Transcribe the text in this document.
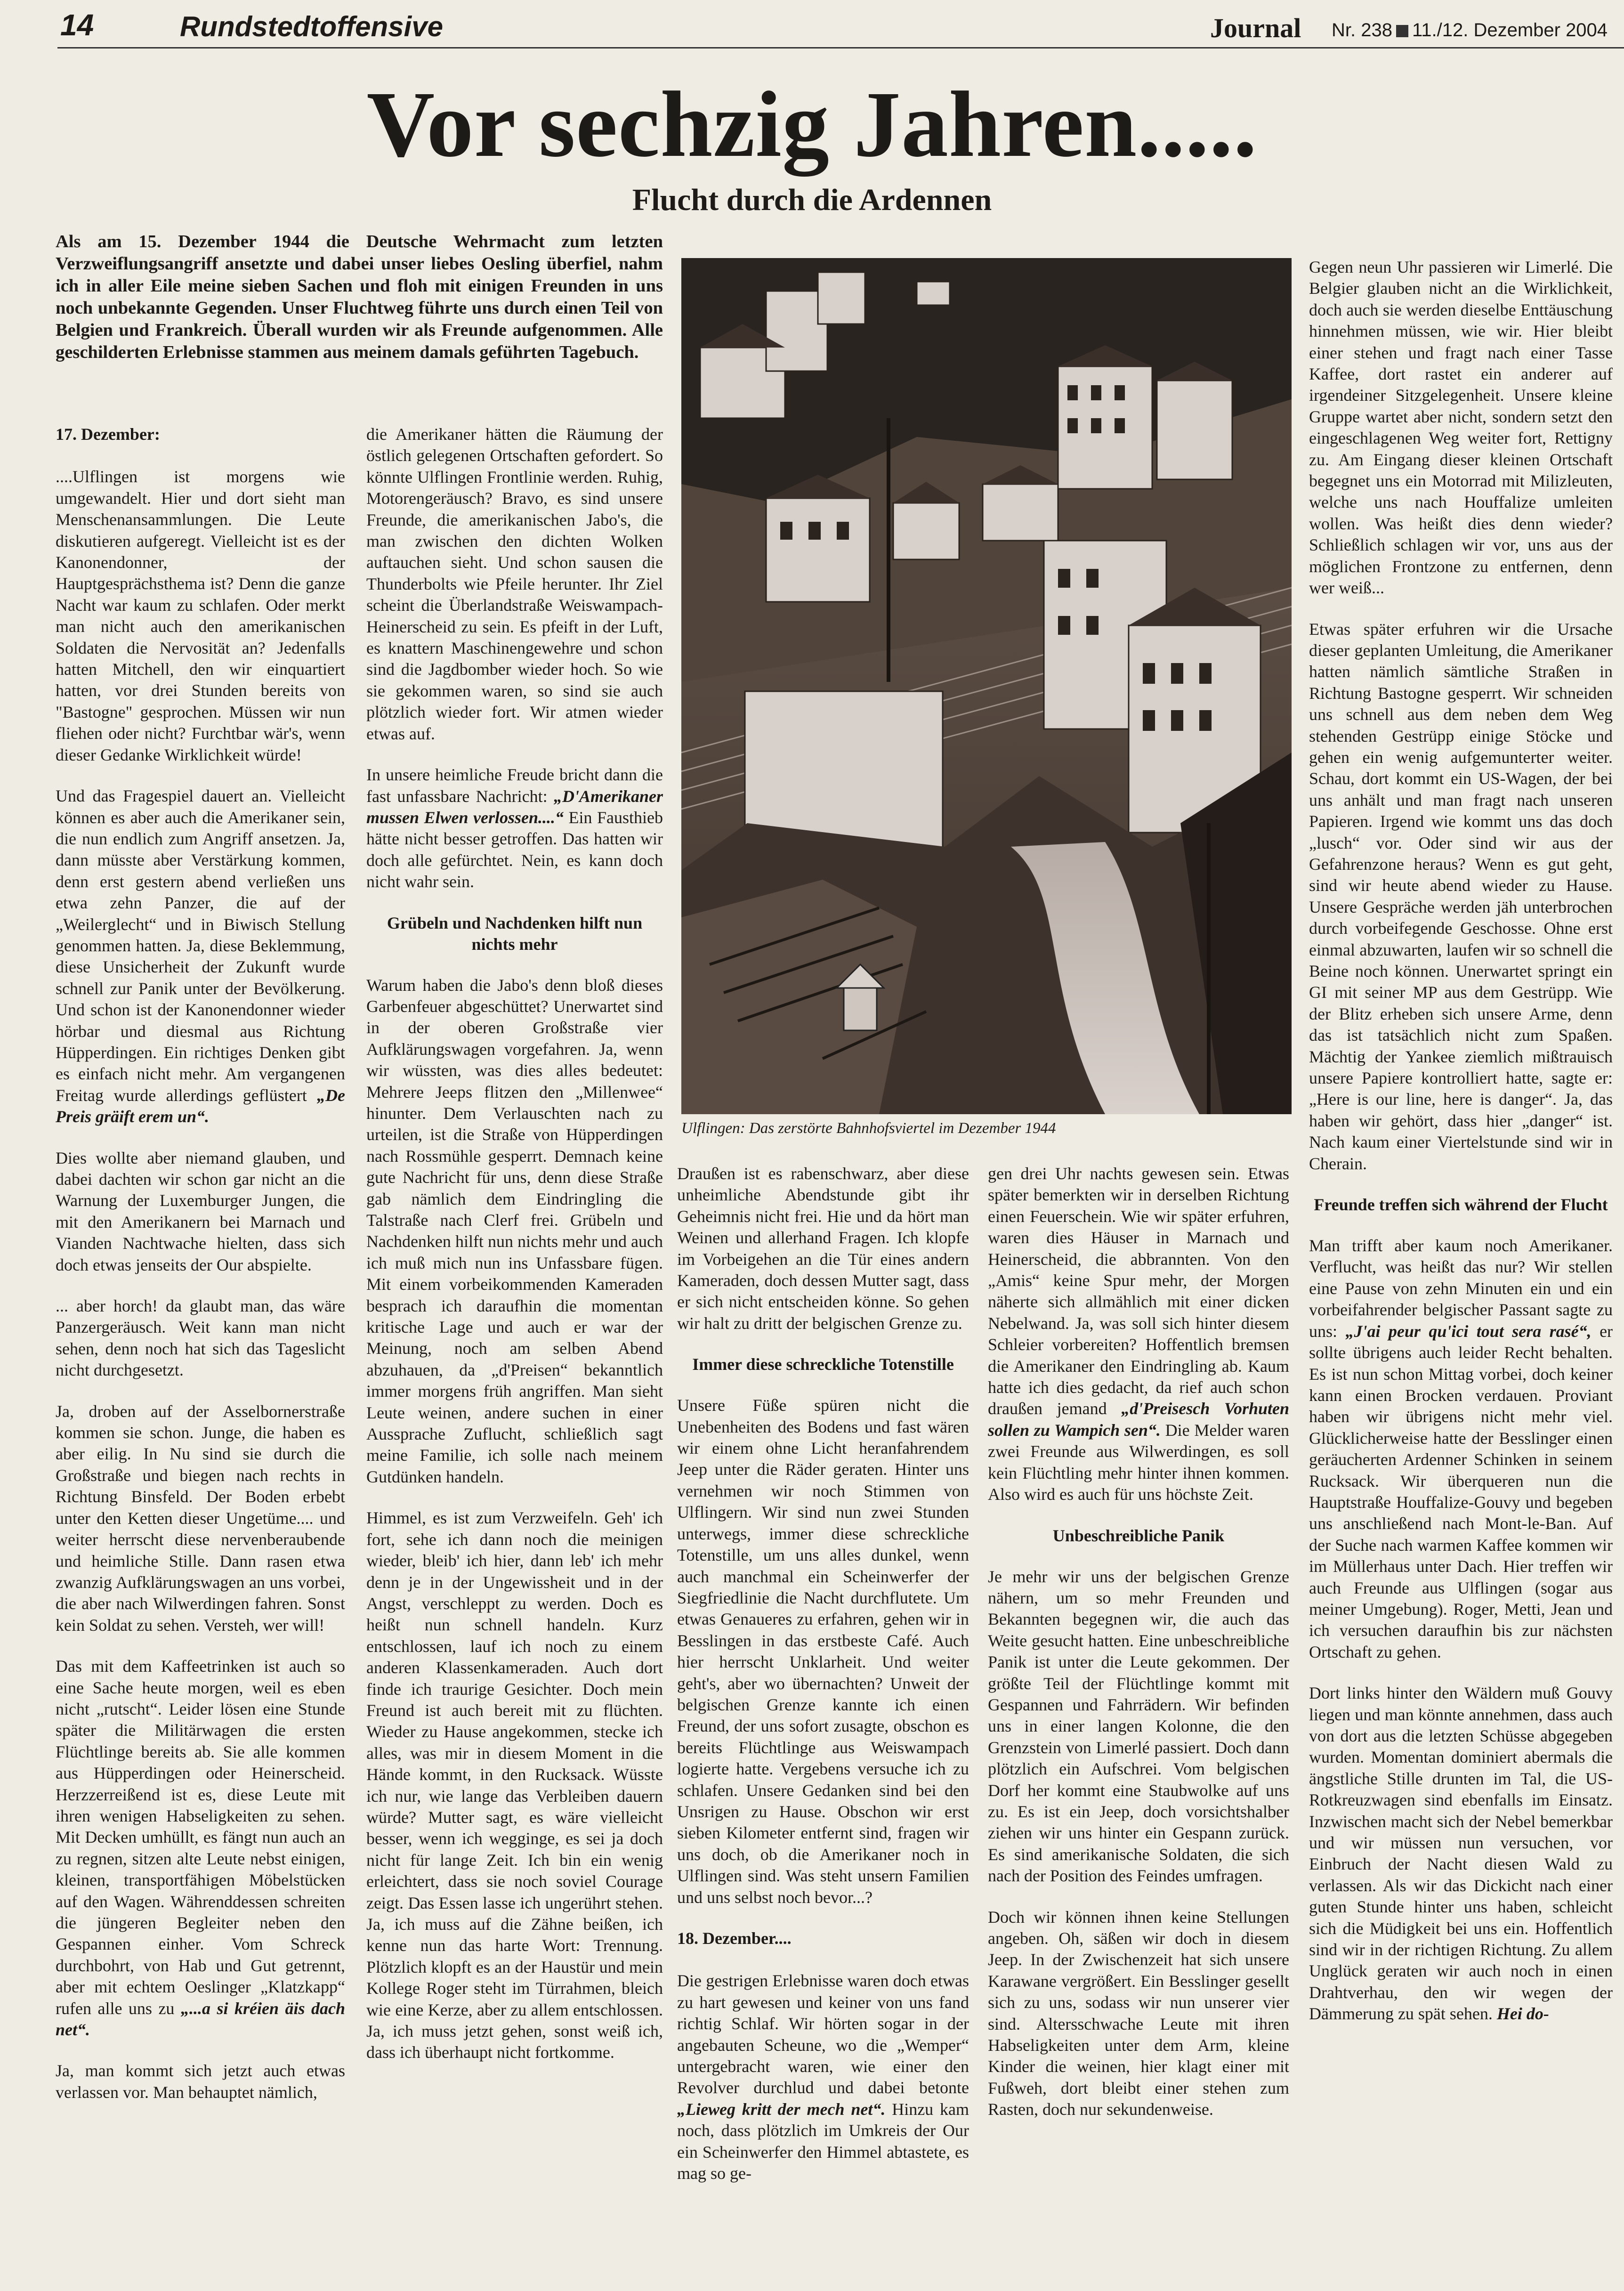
14	Rundstedtoffensive	Journal Nr. 238 11./12. Dezember 2004
Vor sechzig Jahren.....
Flucht durch die Ardennen
Als am 15. Dezember 1944 die Deutsche Wehrmacht zum letzten Verzweiflungsangriff ansetzte und dabei unser liebes Oesling überfiel, nahm ich in aller Eile meine sieben Sachen und floh mit einigen Freunden in uns noch unbekannte Gegenden. Unser Fluchtweg führte uns durch einen Teil von Belgien und Frankreich. Überall wurden wir als Freunde aufgenommen. Alle geschilderten Erlebnisse stammen aus meinem damals geführten Tagebuch.
17. Dezember:

....Ulflingen ist morgens wie umgewandelt. Hier und dort sieht man Menschenansammlungen. Die Leute diskutieren aufgeregt. Vielleicht ist es der Kanonendonner, der Hauptgesprächsthema ist? Denn die ganze Nacht war kaum zu schlafen. Oder merkt man nicht auch den amerikanischen Soldaten die Nervosität an? Jedenfalls hatten Mitchell, den wir einquartiert hatten, vor drei Stunden bereits von "Bastogne" gesprochen. Müssen wir nun fliehen oder nicht? Furchtbar wär's, wenn dieser Gedanke Wirklichkeit würde!

Und das Fragespiel dauert an. Vielleicht können es aber auch die Amerikaner sein, die nun endlich zum Angriff ansetzen. Ja, dann müsste aber Verstärkung kommen, denn erst gestern abend verließen uns etwa zehn Panzer, die auf der „Weilerglecht“ und in Biwisch Stellung genommen hatten. Ja, diese Beklemmung, diese Unsicherheit der Zukunft wurde schnell zur Panik unter der Bevölkerung. Und schon ist der Kanonendonner wieder hörbar und diesmal aus Richtung Hüpperdingen. Ein richtiges Denken gibt es einfach nicht mehr. Am vergangenen Freitag wurde allerdings geflüstert „De Preis gräift erem un“.

Dies wollte aber niemand glauben, und dabei dachten wir schon gar nicht an die Warnung der Luxemburger Jungen, die mit den Amerikanern bei Marnach und Vianden Nachtwache hielten, dass sich doch etwas jenseits der Our abspielte.

... aber horch! da glaubt man, das wäre Panzergeräusch. Weit kann man nicht sehen, denn noch hat sich das Tageslicht nicht durchgesetzt.

Ja, droben auf der Asselbornerstraße kommen sie schon. Junge, die haben es aber eilig. In Nu sind sie durch die Großstraße und biegen nach rechts in Richtung Binsfeld. Der Boden erbebt unter den Ketten dieser Ungetüme.... und weiter herrscht diese nervenberaubende und heimliche Stille. Dann rasen etwa zwanzig Aufklärungswagen an uns vorbei, die aber nach Wilwerdingen fahren. Sonst kein Soldat zu sehen. Versteh, wer will!

Das mit dem Kaffeetrinken ist auch so eine Sache heute morgen, weil es eben nicht „rutscht“. Leider lösen eine Stunde später die Militärwagen die ersten Flüchtlinge bereits ab. Sie alle kommen aus Hüpperdingen oder Heinerscheid. Herzzerreißend ist es, diese Leute mit ihren wenigen Habseligkeiten zu sehen. Mit Decken umhüllt, es fängt nun auch an zu regnen, sitzen alte Leute nebst einigen, kleinen, transportfähigen Möbelstücken auf den Wagen. Währenddessen schreiten die jüngeren Begleiter neben den Gespannen einher. Vom Schreck durchbohrt, von Hab und Gut getrennt, aber mit echtem Oeslinger „Klatzkapp“ rufen alle uns zu „...a si kréien äis dach net“.

Ja, man kommt sich jetzt auch etwas verlassen vor. Man behauptet nämlich,

die Amerikaner hätten die Räumung der östlich gelegenen Ortschaften gefordert. So könnte Ulflingen Frontlinie werden. Ruhig, Motorengeräusch? Bravo, es sind unsere Freunde, die amerikanischen Jabo's, die man zwischen den dichten Wolken auftauchen sieht. Und schon sausen die Thunderbolts wie Pfeile herunter. Ihr Ziel scheint die Überlandstraße Weiswampach-Heinerscheid zu sein. Es pfeift in der Luft, es knattern Maschinengewehre und schon sind die Jagdbomber wieder hoch. So wie sie gekommen waren, so sind sie auch plötzlich wieder fort. Wir atmen wieder etwas auf.

In unsere heimliche Freude bricht dann die fast unfassbare Nachricht: „D'Amerikaner mussen Elwen verlossen....“ Ein Fausthieb hätte nicht besser getroffen. Das hatten wir doch alle gefürchtet. Nein, es kann doch nicht wahr sein.

Grübeln und Nachdenken hilft nun nichts mehr

Warum haben die Jabo's denn bloß dieses Garbenfeuer abgeschüttet? Unerwartet sind in der oberen Großstraße vier Aufklärungswagen vorgefahren. Ja, wenn wir wüssten, was dies alles bedeutet: Mehrere Jeeps flitzen den „Millenwee“ hinunter. Dem Verlauschten nach zu urteilen, ist die Straße von Hüpperdingen nach Rossmühle gesperrt. Demnach keine gute Nachricht für uns, denn diese Straße gab nämlich dem Eindringling die Talstraße nach Clerf frei. Grübeln und Nachdenken hilft nun nichts mehr und auch ich muß mich nun ins Unfassbare fügen. Mit einem vorbeikommenden Kameraden besprach ich daraufhin die momentan kritische Lage und auch er war der Meinung, noch am selben Abend abzuhauen, da „d'Preisen“ bekanntlich immer morgens früh angriffen. Man sieht Leute weinen, andere suchen in einer Aussprache Zuflucht, schließlich sagt meine Familie, ich solle nach meinem Gutdünken handeln.

Himmel, es ist zum Verzweifeln. Geh' ich fort, sehe ich dann noch die meinigen wieder, bleib' ich hier, dann leb' ich mehr denn je in der Ungewissheit und in der Angst, verschleppt zu werden. Doch es heißt nun schnell handeln. Kurz entschlossen, lauf ich noch zu einem anderen Klassenkameraden. Auch dort finde ich traurige Gesichter. Doch mein Freund ist auch bereit mit zu flüchten. Wieder zu Hause angekommen, stecke ich alles, was mir in diesem Moment in die Hände kommt, in den Rucksack. Wüsste ich nur, wie lange das Verbleiben dauern würde? Mutter sagt, es wäre vielleicht besser, wenn ich wegginge, es sei ja doch nicht für lange Zeit. Ich bin ein wenig erleichtert, dass sie noch soviel Courage zeigt. Das Essen lasse ich ungerührt stehen. Ja, ich muss auf die Zähne beißen, ich kenne nun das harte Wort: Trennung. Plötzlich klopft es an der Haustür und mein Kollege Roger steht im Türrahmen, bleich wie eine Kerze, aber zu allem entschlossen. Ja, ich muss jetzt gehen, sonst weiß ich, dass ich überhaupt nicht fortkomme.

Ulflingen: Das zerstörte Bahnhofsviertel im Dezember 1944

Draußen ist es rabenschwarz, aber diese unheimliche Abendstunde gibt ihr Geheimnis nicht frei. Hie und da hört man Weinen und allerhand Fragen. Ich klopfe im Vorbeigehen an die Tür eines andern Kameraden, doch dessen Mutter sagt, dass er sich nicht entscheiden könne. So gehen wir halt zu dritt der belgischen Grenze zu.

Immer diese schreckliche Totenstille

Unsere Füße spüren nicht die Unebenheiten des Bodens und fast wären wir einem ohne Licht heranfahrendem Jeep unter die Räder geraten. Hinter uns vernehmen wir noch Stimmen von Ulflingern. Wir sind nun zwei Stunden unterwegs, immer diese schreckliche Totenstille, um uns alles dunkel, wenn auch manchmal ein Scheinwerfer der Siegfriedlinie die Nacht durchflutete. Um etwas Genaueres zu erfahren, gehen wir in Besslingen in das erstbeste Café. Auch hier herrscht Unklarheit. Und weiter geht's, aber wo übernachten? Unweit der belgischen Grenze kannte ich einen Freund, der uns sofort zusagte, obschon es bereits Flüchtlinge aus Weiswampach logierte hatte. Vergebens versuche ich zu schlafen. Unsere Gedanken sind bei den Unsrigen zu Hause. Obschon wir erst sieben Kilometer entfernt sind, fragen wir uns doch, ob die Amerikaner noch in Ulflingen sind. Was steht unsern Familien und uns selbst noch bevor...?

18. Dezember....

Die gestrigen Erlebnisse waren doch etwas zu hart gewesen und keiner von uns fand richtig Schlaf. Wir hörten sogar in der angebauten Scheune, wo die „Wemper“ untergebracht waren, wie einer den Revolver durchlud und dabei betonte „Lieweg kritt der mech net“. Hinzu kam noch, dass plötzlich im Umkreis der Our ein Scheinwerfer den Himmel abtastete, es mag so ge-

gen drei Uhr nachts gewesen sein. Etwas später bemerkten wir in derselben Richtung einen Feuerschein. Wie wir später erfuhren, waren dies Häuser in Marnach und Heinerscheid, die abbrannten. Von den „Amis“ keine Spur mehr, der Morgen näherte sich allmählich mit einer dicken Nebelwand. Ja, was soll sich hinter diesem Schleier vorbereiten? Hoffentlich bremsen die Amerikaner den Eindringling ab. Kaum hatte ich dies gedacht, da rief auch schon draußen jemand „d'Preisesch Vorhuten sollen zu Wampich sen“. Die Melder waren zwei Freunde aus Wilwerdingen, es soll kein Flüchtling mehr hinter ihnen kommen. Also wird es auch für uns höchste Zeit.

Unbeschreibliche Panik

Je mehr wir uns der belgischen Grenze nähern, um so mehr Freunden und Bekannten begegnen wir, die auch das Weite gesucht hatten. Eine unbeschreibliche Panik ist unter die Leute gekommen. Der größte Teil der Flüchtlinge kommt mit Gespannen und Fahrrädern. Wir befinden uns in einer langen Kolonne, die den Grenzstein von Limerlé passiert. Doch dann plötzlich ein Aufschrei. Vom belgischen Dorf her kommt eine Staubwolke auf uns zu. Es ist ein Jeep, doch vorsichtshalber ziehen wir uns hinter ein Gespann zurück. Es sind amerikanische Soldaten, die sich nach der Position des Feindes umfragen.

Doch wir können ihnen keine Stellungen angeben. Oh, säßen wir doch in diesem Jeep. In der Zwischenzeit hat sich unsere Karawane vergrößert. Ein Besslinger gesellt sich zu uns, sodass wir nun unserer vier sind. Altersschwache Leute mit ihren Habseligkeiten unter dem Arm, kleine Kinder die weinen, hier klagt einer mit Fußweh, dort bleibt einer stehen zum Rasten, doch nur sekundenweise.

Gegen neun Uhr passieren wir Limerlé. Die Belgier glauben nicht an die Wirklichkeit, doch auch sie werden dieselbe Enttäuschung hinnehmen müssen, wie wir. Hier bleibt einer stehen und fragt nach einer Tasse Kaffee, dort rastet ein anderer auf irgendeiner Sitzgelegenheit. Unsere kleine Gruppe wartet aber nicht, sondern setzt den eingeschlagenen Weg weiter fort, Rettigny zu. Am Eingang dieser kleinen Ortschaft begegnet uns ein Motorrad mit Milizleuten, welche uns nach Houffalize umleiten wollen. Was heißt dies denn wieder? Schließlich schlagen wir vor, uns aus der möglichen Frontzone zu entfernen, denn wer weiß...

Etwas später erfuhren wir die Ursache dieser geplanten Umleitung, die Amerikaner hatten nämlich sämtliche Straßen in Richtung Bastogne gesperrt. Wir schneiden uns schnell aus dem neben dem Weg stehenden Gestrüpp einige Stöcke und gehen ein wenig aufgemunterter weiter. Schau, dort kommt ein US-Wagen, der bei uns anhält und man fragt nach unseren Papieren. Irgend wie kommt uns das doch „lusch“ vor. Oder sind wir aus der Gefahrenzone heraus? Wenn es gut geht, sind wir heute abend wieder zu Hause. Unsere Gespräche werden jäh unterbrochen durch vorbeifegende Geschosse. Ohne erst einmal abzuwarten, laufen wir so schnell die Beine noch können. Unerwartet springt ein GI mit seiner MP aus dem Gestrüpp. Wie der Blitz erheben sich unsere Arme, denn das ist tatsächlich nicht zum Spaßen. Mächtig der Yankee ziemlich mißtrauisch unsere Papiere kontrolliert hatte, sagte er: „Here is our line, here is danger“. Ja, das haben wir gehört, dass hier „danger“ ist. Nach kaum einer Viertelstunde sind wir in Cherain.

Freunde treffen sich während der Flucht

Man trifft aber kaum noch Amerikaner. Verflucht, was heißt das nur? Wir stellen eine Pause von zehn Minuten ein und ein vorbeifahrender belgischer Passant sagte zu uns: „J'ai peur qu'ici tout sera rasé“, er sollte übrigens auch leider Recht behalten. Es ist nun schon Mittag vorbei, doch keiner kann einen Brocken verdauen. Proviant haben wir übrigens nicht mehr viel. Glücklicherweise hatte der Besslinger einen geräucherten Ardenner Schinken in seinem Rucksack. Wir überqueren nun die Hauptstraße Houffalize-Gouvy und begeben uns anschließend nach Mont-le-Ban. Auf der Suche nach warmen Kaffee kommen wir im Müllerhaus unter Dach. Hier treffen wir auch Freunde aus Ulflingen (sogar aus meiner Umgebung). Roger, Metti, Jean und ich versuchen daraufhin bis zur nächsten Ortschaft zu gehen.

Dort links hinter den Wäldern muß Gouvy liegen und man könnte annehmen, dass auch von dort aus die letzten Schüsse abgegeben wurden. Momentan dominiert abermals die ängstliche Stille drunten im Tal, die US-Rotkreuzwagen sind ebenfalls im Einsatz. Inzwischen macht sich der Nebel bemerkbar und wir müssen nun versuchen, vor Einbruch der Nacht diesen Wald zu verlassen. Als wir das Dickicht nach einer guten Stunde hinter uns haben, schleicht sich die Müdigkeit bei uns ein. Hoffentlich sind wir in der richtigen Richtung. Zu allem Unglück geraten wir auch noch in einen Drahtverhau, den wir wegen der Dämmerung zu spät sehen. Hei do-
